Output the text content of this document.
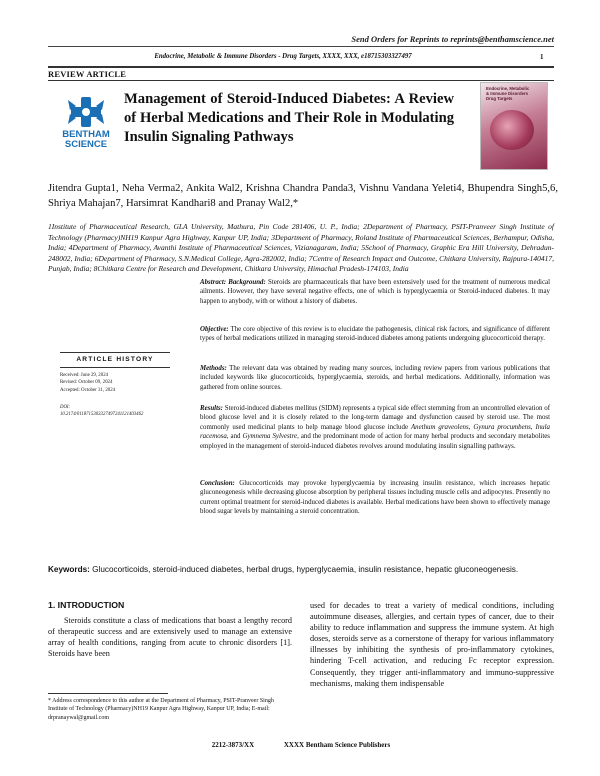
Send Orders for Reprints to reprints@benthamscience.net
Endocrine, Metabolic & Immune Disorders - Drug Targets, XXXX, XXX, e18715303327497	1
REVIEW ARTICLE
BENTHAM
SCIENCE
Management of Steroid-Induced Diabetes: A Review of Herbal Medications and Their Role in Modulating Insulin Signaling Pathways
Endocrine, Metabolic
& Immune Disorders
Drug Targets
Jitendra Gupta1, Neha Verma2, Ankita Wal2, Krishna Chandra Panda3, Vishnu Vandana Yeleti4, Bhupendra Singh5,6, Shriya Mahajan7, Harsimrat Kandhari8 and Pranay Wal2,*
1Institute of Pharmaceutical Research, GLA University, Mathura, Pin Code 281406, U. P., India; 2Department of Pharmacy, PSIT-Pranveer Singh Institute of Technology (Pharmacy)NH19 Kanpur Agra Highway, Kanpur UP, India; 3Department of Pharmacy, Roland Institute of Pharmaceutical Sciences, Berhampur, Odisha, India; 4Department of Pharmacy, Avanthi Institute of Pharmaceutical Sciences, Vizianagaram, India; 5School of Pharmacy, Graphic Era Hill University, Dehradun-248002, India; 6Department of Pharmacy, S.N.Medical College, Agra-282002, India; 7Centre of Research Impact and Outcome, Chitkara University, Rajpura-140417, Punjab, India; 8Chitkara Centre for Research and Development, Chitkara University, Himachal Pradesh-174103, India
ARTICLE HISTORY
Received: June 29, 2024
Revised: October 09, 2024
Accepted: October 31, 2024
DOI:
10.2174/0118715303327497241121403462
Abstract: Background: Steroids are pharmaceuticals that have been extensively used for the treatment of numerous medical ailments. However, they have several negative effects, one of which is hyperglycaemia or Steroid-induced diabetes. It may happen to anybody, with or without a history of diabetes.
Objective: The core objective of this review is to elucidate the pathogenesis, clinical risk factors, and significance of different types of herbal medications utilized in managing steroid-induced diabetes among patients undergoing glucocorticoid therapy.
Methods: The relevant data was obtained by reading many sources, including review papers from various publications that included keywords like glucocorticoids, hyperglycaemia, steroids, and herbal medications. Additionally, information was gathered from online sources.
Results: Steroid-induced diabetes mellitus (SIDM) represents a typical side effect stemming from an uncontrolled elevation of blood glucose level and it is closely related to the long-term damage and dysfunction caused by steroid use. The most commonly used medicinal plants to help manage blood glucose include Anethum graveolens, Gynura procumbens, Inula racemosa, and Gymnema Sylvestre, and the predominant mode of action for many herbal products and secondary metabolites employed in the management of steroid-induced diabetes revolves around modulating insulin signalling pathways.
Conclusion: Glucocorticoids may provoke hyperglycaemia by increasing insulin resistance, which increases hepatic gluconeogenesis while decreasing glucose absorption by peripheral tissues including muscle cells and adipocytes. Presently no current optimal treatment for steroid-induced diabetes is available. Herbal medications have been shown to effectively manage blood sugar levels by maintaining a steroid concentration.
Keywords: Glucocorticoids, steroid-induced diabetes, herbal drugs, hyperglycaemia, insulin resistance, hepatic gluconeogenesis.
1. INTRODUCTION
Steroids constitute a class of medications that boast a lengthy record of therapeutic success and are extensively used to manage an extensive array of health conditions, ranging from acute to chronic disorders [1]. Steroids have been
* Address correspondence to this author at the Department of Pharmacy, PSIT-Pranveer Singh Institute of Technology (Pharmacy)NH19 Kanpur Agra Highway, Kanpur UP, India; E-mail: drpranaywal@gmail.com
used for decades to treat a variety of medical conditions, including autoimmune diseases, allergies, and certain types of cancer, due to their ability to reduce inflammation and suppress the immune system. At high doses, steroids serve as a cornerstone of therapy for various inflammatory illnesses by inhibiting the synthesis of pro-inflammatory cytokines, hindering T-cell activation, and reducing Fc receptor expression. Consequently, they trigger anti-inflammatory and immuno-suppressive mechanisms, making them indispensable
2212-3873/XX	XXXX Bentham Science Publishers
